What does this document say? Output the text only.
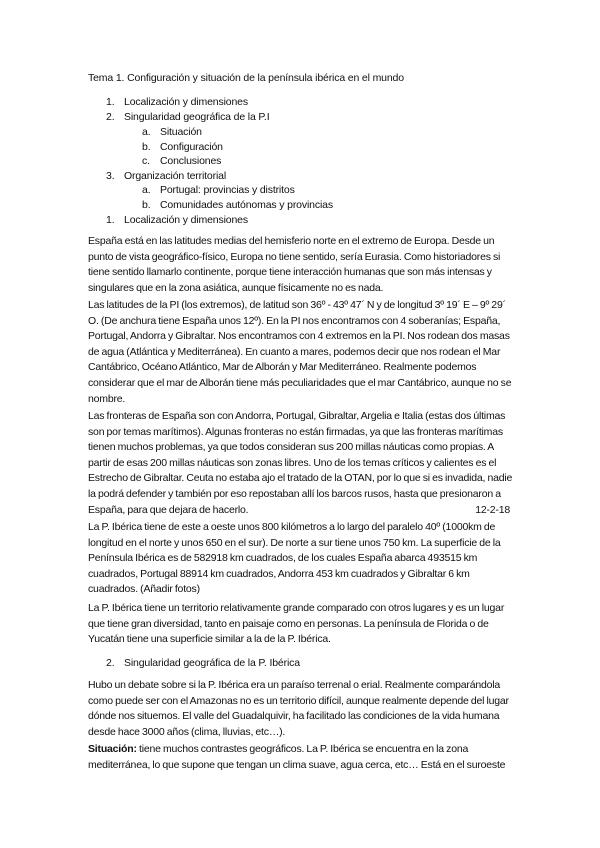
Tema 1. Configuración y situación de la península ibérica en el mundo
1. Localización y dimensiones
2. Singularidad geográfica de la P.I
a. Situación
b. Configuración
c. Conclusiones
3. Organización territorial
a. Portugal: provincias y distritos
b. Comunidades autónomas y provincias
1. Localización y dimensiones

España está en las latitudes medias del hemisferio norte en el extremo de Europa. Desde un punto de vista geográfico-físico, Europa no tiene sentido, sería Eurasia. Como historiadores si tiene sentido llamarlo continente, porque tiene interacción humanas que son más intensas y singulares que en la zona asiática, aunque físicamente no es nada.

Las latitudes de la PI (los extremos), de latitud son 36º - 43º 47´ N y de longitud 3º 19´ E – 9º 29´ O. (De anchura tiene España unos 12º). En la PI nos encontramos con 4 soberanías; España, Portugal, Andorra y Gibraltar. Nos encontramos con 4 extremos en la PI. Nos rodean dos masas de agua (Atlántica y Mediterránea). En cuanto a mares, podemos decir que nos rodean el Mar Cantábrico, Océano Atlántico, Mar de Alborán y Mar Mediterráneo. Realmente podemos considerar que el mar de Alborán tiene más peculiaridades que el mar Cantábrico, aunque no se nombre.

Las fronteras de España son con Andorra, Portugal, Gibraltar, Argelia e Italia (estas dos últimas son por temas marítimos). Algunas fronteras no están firmadas, ya que las fronteras marítimas tienen muchos problemas, ya que todos consideran sus 200 millas náuticas como propias. A partir de esas 200 millas náuticas son zonas libres. Uno de los temas críticos y calientes es el Estrecho de Gibraltar. Ceuta no estaba ajo el tratado de la OTAN, por lo que si es invadida, nadie la podrá defender y también por eso repostaban allí los barcos rusos, hasta que presionaron a España, para que dejara de hacerlo.	12-2-18

La P. Ibérica tiene de este a oeste unos 800 kilómetros a lo largo del paralelo 40º (1000km de longitud en el norte y unos 650 en el sur). De norte a sur tiene unos 750 km. La superficie de la Península Ibérica es de 582918 km cuadrados, de los cuales España abarca 493515 km cuadrados, Portugal 88914 km cuadrados, Andorra 453 km cuadrados y Gibraltar 6 km cuadrados. (Añadir fotos)

La P. Ibérica tiene un territorio relativamente grande comparado con otros lugares y es un lugar que tiene gran diversidad, tanto en paisaje como en personas. La península de Florida o de Yucatán tiene una superficie similar a la de la P. Ibérica.

2. Singularidad geográfica de la P. Ibérica

Hubo un debate sobre si la P. Ibérica era un paraíso terrenal o erial. Realmente comparándola como puede ser con el Amazonas no es un territorio difícil, aunque realmente depende del lugar dónde nos situemos. El valle del Guadalquivir, ha facilitado las condiciones de la vida humana desde hace 3000 años (clima, lluvias, etc…).

Situación: tiene muchos contrastes geográficos. La P. Ibérica se encuentra en la zona mediterránea, lo que supone que tengan un clima suave, agua cerca, etc… Está en el suroeste
